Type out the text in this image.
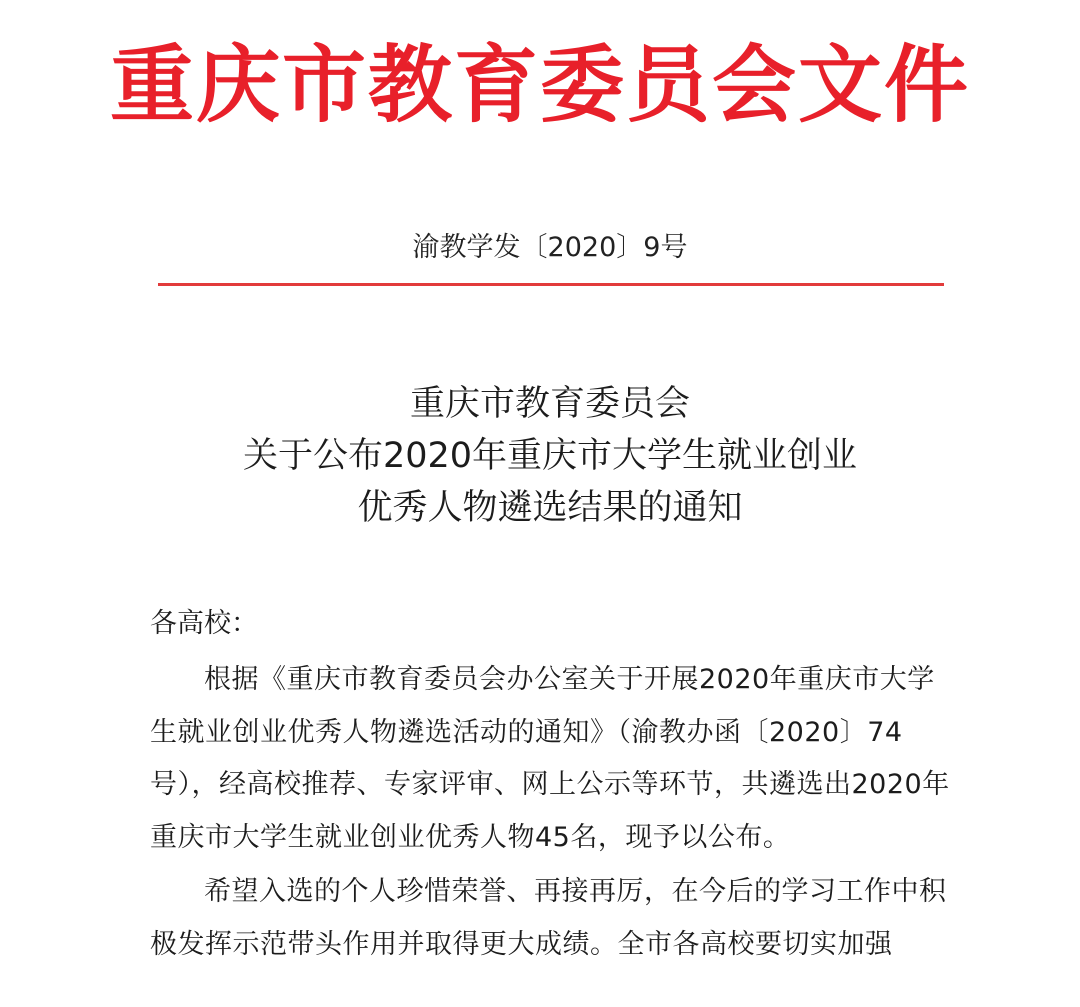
重庆市教育委员会文件
渝教学发〔2020〕9号
重庆市教育委员会
关于公布2020年重庆市大学生就业创业
优秀人物遴选结果的通知
各高校：

根据《重庆市教育委员会办公室关于开展2020年重庆市大学生就业创业优秀人物遴选活动的通知》（渝教办函〔2020〕74号），经高校推荐、专家评审、网上公示等环节，共遴选出2020年重庆市大学生就业创业优秀人物45名，现予以公布。

希望入选的个人珍惜荣誉、再接再厉，在今后的学习工作中积极发挥示范带头作用并取得更大成绩。全市各高校要切实加强
